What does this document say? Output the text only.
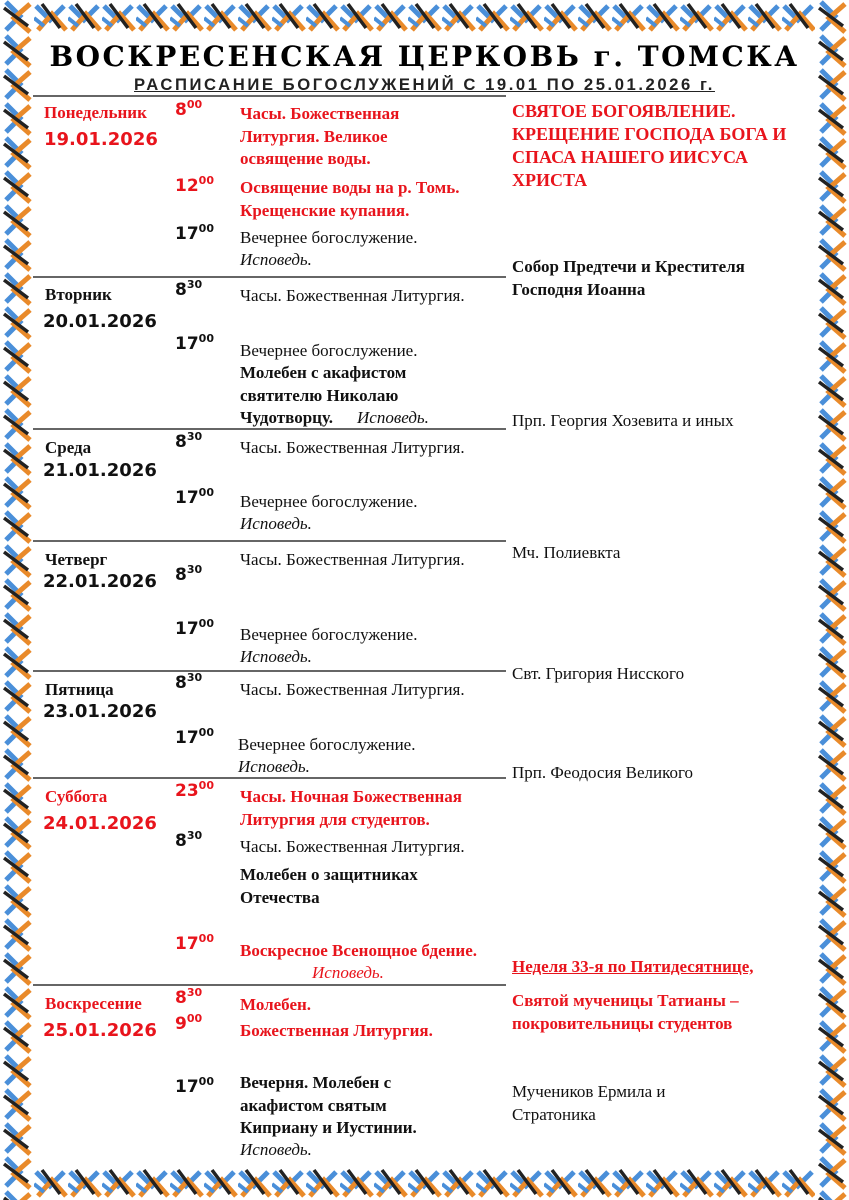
ВОСКРЕСЕНСКАЯ ЦЕРКОВЬ г. ТОМСКА
РАСПИСАНИЕ БОГОСЛУЖЕНИЙ С 19.01 ПО 25.01.2026 г.
Понедельник
19.01.2026
$8^{00}$ Часы. Божественная Литургия. Великое освящение воды.
$12^{00}$ Освящение воды на р. Томь. Крещенские купания.
$17^{00}$ Вечернее богослужение.
Исповедь.
СВЯТОЕ БОГОЯВЛЕНИЕ. КРЕЩЕНИЕ ГОСПОДА БОГА И СПАСА НАШЕГО ИИСУСА ХРИСТА
Вторник
20.01.2026
$8^{30}$
Часы. Божественная Литургия.
$17^{00}$
Вечернее богослужение.
Молебен с акафистом святителю Николаю Чудотворцу.	Исповедь.
Собор Предтечи и Крестителя Господня Иоанна
Среда
21.01.2026
$8^{30}$
Часы. Божественная Литургия.
$17^{00}$ Вечернее богослужение.
Исповедь.
Прп. Георгия Хозевита и иных
Четверг
22.01.2026 $8^{30}$
Часы. Божественная Литургия.
$17^{00}$
Вечернее богослужение.
Исповедь.
Мч. Полиевкта
Пятница
23.01.2026
$8^{30}$
Часы. Божественная Литургия.
$17^{00}$
Вечернее богослужение.
Исповедь.
Свт. Григория Нисского
Суббота
24.01.2026
$23^{00}$
Часы. Ночная Божественная Литургия для студентов.
$8^{30}$
Часы. Божественная Литургия.
Молебен о защитниках Отечества
$17^{00}$
Воскресное Всенощное бдение.
Исповедь.
Прп. Феодосия Великого
Неделя 33-я по Пятидесятнице,
Воскресение
25.01.2026
$8^{30}$
Молебен.
$9^{00}$
Божественная Литургия.
$17^{00}$ Вечерня. Молебен с акафистом святым Киприану и Иустинии.
Исповедь.
Святой мученицы Татианы – покровительницы студентов
Мучеников Ермила и Стратоника
